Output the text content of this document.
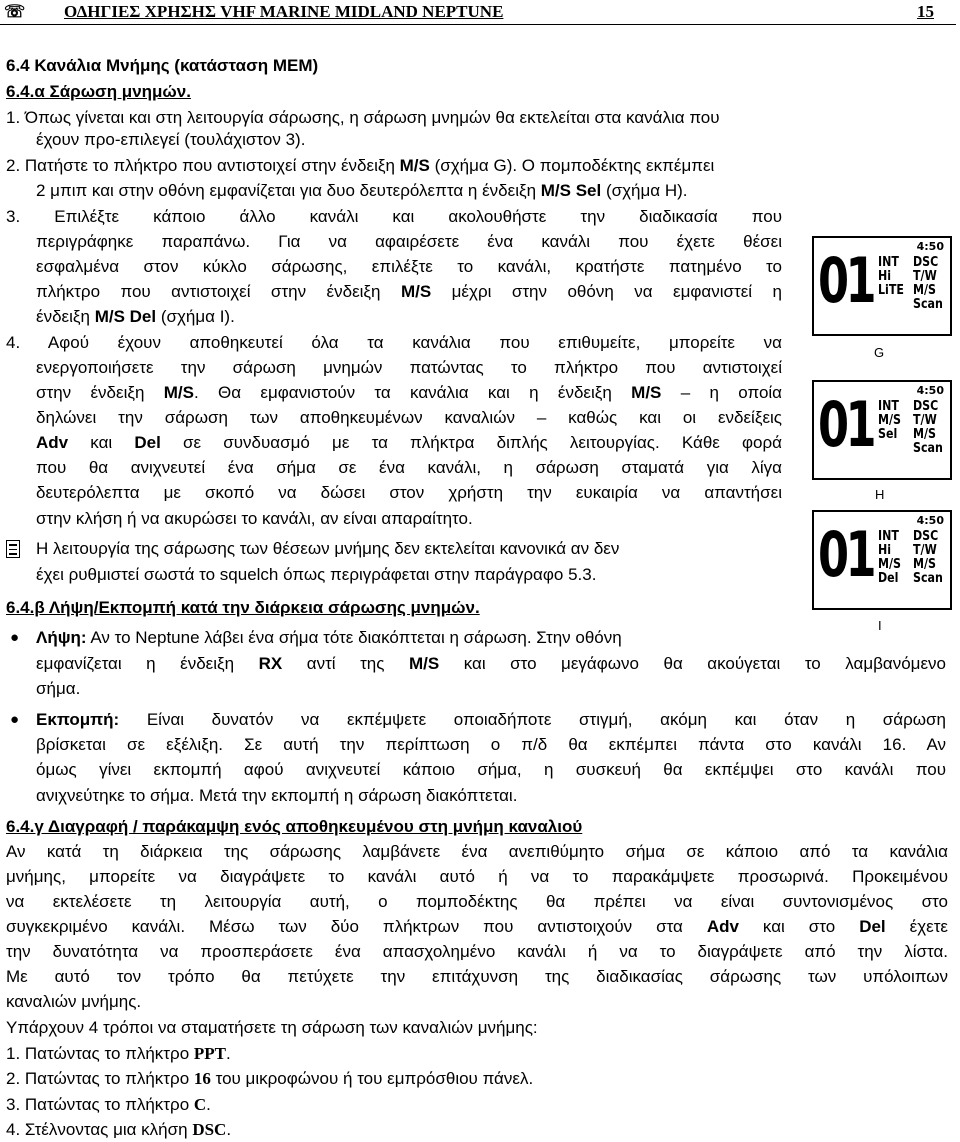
☏ ΟΔΗΓΙΕΣ ΧΡΗΣΗΣ VHF MARINE MIDLAND NEPTUNE	15
6.4 Κανάλια Μνήμης (κατάσταση MEM)
6.4.α Σάρωση μνημών.
1. Όπως γίνεται και στη λειτουργία σάρωσης, η σάρωση μνημών θα εκτελείται στα κανάλια που
έχουν προ-επιλεγεί (τουλάχιστον 3).
2. Πατήστε το πλήκτρο που αντιστοιχεί στην ένδειξη M/S (σχήμα G). Ο πομποδέκτης εκπέμπει
2 μπιπ και στην οθόνη εμφανίζεται για δυο δευτερόλεπτα η ένδειξη M/S Sel (σχήμα H).
3. Επιλέξτε κάποιο άλλο κανάλι και ακολουθήστε την διαδικασία που
περιγράφηκε παραπάνω. Για να αφαιρέσετε ένα κανάλι που έχετε θέσει
εσφαλμένα στον κύκλο σάρωσης, επιλέξτε το κανάλι, κρατήστε πατημένο το
πλήκτρο που αντιστοιχεί στην ένδειξη M/S μέχρι στην οθόνη να εμφανιστεί η
ένδειξη M/S Del (σχήμα I).
4. Αφού έχουν αποθηκευτεί όλα τα κανάλια που επιθυμείτε, μπορείτε να
ενεργοποιήσετε την σάρωση μνημών πατώντας το πλήκτρο που αντιστοιχεί
στην ένδειξη M/S. Θα εμφανιστούν τα κανάλια και η ένδειξη M/S – η οποία
δηλώνει την σάρωση των αποθηκευμένων καναλιών – καθώς και οι ενδείξεις
Adv και Del σε συνδυασμό με τα πλήκτρα διπλής λειτουργίας. Κάθε φορά
που θα ανιχνευτεί ένα σήμα σε ένα κανάλι, η σάρωση σταματά για λίγα
δευτερόλεπτα με σκοπό να δώσει στον χρήστη την ευκαιρία να απαντήσει
στην κλήση ή να ακυρώσει το κανάλι, αν είναι απαραίτητο.
Η λειτουργία της σάρωσης των θέσεων μνήμης δεν εκτελείται κανονικά αν δεν
έχει ρυθμιστεί σωστά το squelch όπως περιγράφεται στην παράγραφο 5.3.
6.4.β Λήψη/Εκπομπή κατά την διάρκεια σάρωσης μνημών.
● Λήψη: Αν το Neptune λάβει ένα σήμα τότε διακόπτεται η σάρωση. Στην οθόνη
εμφανίζεται η ένδειξη RX αντί της M/S και στο μεγάφωνο θα ακούγεται το λαμβανόμενο
σήμα.
● Εκπομπή: Είναι δυνατόν να εκπέμψετε οποιαδήποτε στιγμή, ακόμη και όταν η σάρωση
βρίσκεται σε εξέλιξη. Σε αυτή την περίπτωση ο π/δ θα εκπέμπει πάντα στο κανάλι 16. Αν
όμως γίνει εκπομπή αφού ανιχνευτεί κάποιο σήμα, η συσκευή θα εκπέμψει στο κανάλι που
ανιχνεύτηκε το σήμα. Μετά την εκπομπή η σάρωση διακόπτεται.
6.4.γ Διαγραφή / παράκαμψη ενός αποθηκευμένου στη μνήμη καναλιού
Αν κατά τη διάρκεια της σάρωσης λαμβάνετε ένα ανεπιθύμητο σήμα σε κάποιο από τα κανάλια
μνήμης, μπορείτε να διαγράψετε το κανάλι αυτό ή να το παρακάμψετε προσωρινά. Προκειμένου
να εκτελέσετε τη λειτουργία αυτή, ο πομποδέκτης θα πρέπει να είναι συντονισμένος στο
συγκεκριμένο κανάλι. Μέσω των δύο πλήκτρων που αντιστοιχούν στα Adv και στο Del έχετε
την δυνατότητα να προσπεράσετε ένα απασχολημένο κανάλι ή να το διαγράψετε από την λίστα.
Με αυτό τον τρόπο θα πετύχετε την επιτάχυνση της διαδικασίας σάρωσης των υπόλοιπων
καναλιών μνήμης.
Υπάρχουν 4 τρόποι να σταματήσετε τη σάρωση των καναλιών μνήμης:
1. Πατώντας το πλήκτρο PPT.
2. Πατώντας το πλήκτρο 16 του μικροφώνου ή του εμπρόσθιου πάνελ.
3. Πατώντας το πλήκτρο C.
4. Στέλνοντας μια κλήση DSC.
4:50
01 INT
Hi
LiTE
DSC
T/W
M/S
Scan
G
4:50
01 INT
M/S
Sel
DSC
T/W
M/S
Scan
H
4:50
01 INT
Hi
M/S
Del
DSC
T/W
M/S
Scan
I
